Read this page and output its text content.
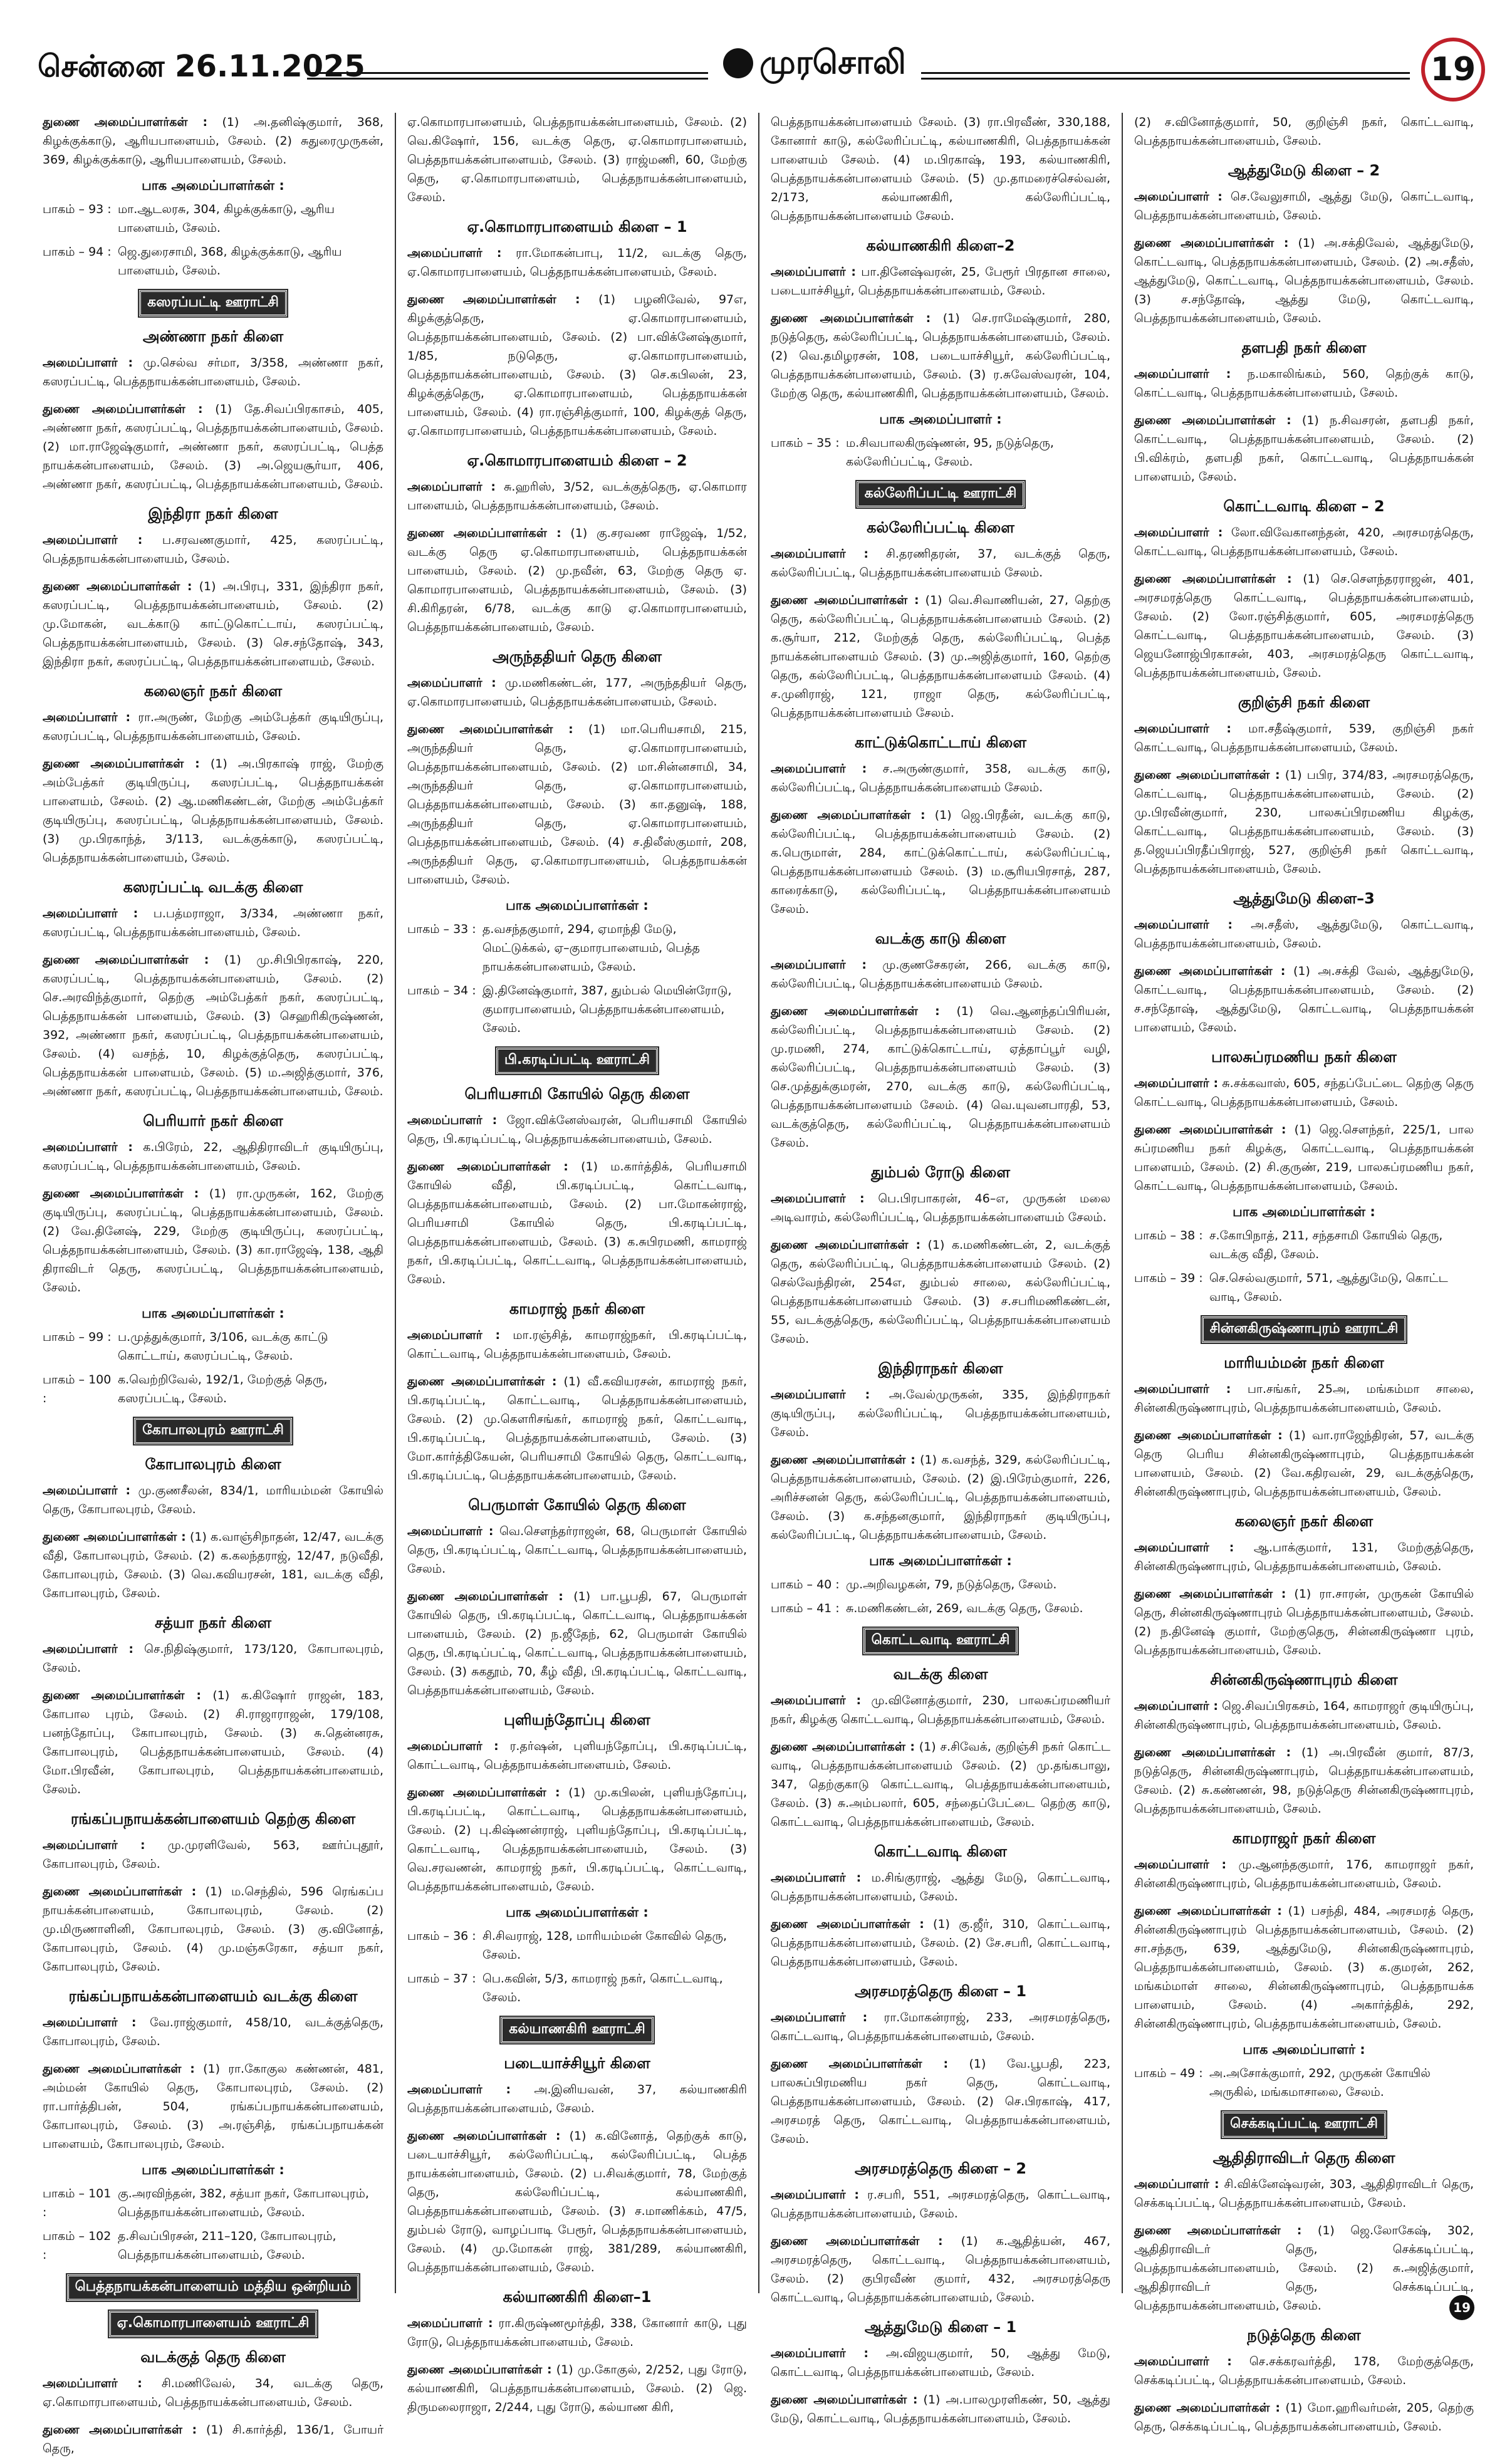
சென்னை 26.11.2025	முரசொலி	19

துணை அமைப்பாளர்கள் : (1) அ.தனிஷ்குமார், 368, கிழக்குக்காடு, ஆரியபாளையம், சேலம். (2) சுதுரைமுருகன், 369, கிழக்குக்காடு, ஆரியபாளையம், சேலம்.

பாக அமைப்பாளர்கள் :
பாகம் – 93 : மா.ஆடலரசு, 304, கிழக்குக்காடு, ஆரிய பாளையம், சேலம்.
பாகம் – 94 : ஜெ.துரைசாமி, 368, கிழக்குக்காடு, ஆரிய பாளையம், சேலம்.
கஸரப்பட்டி ஊராட்சி
அண்ணா நகர் கிளை

அமைப்பாளர் : மு.செல்வ சர்மா, 3/358, அண்ணா நகர், கஸரப்பட்டி, பெத்தநாயக்கன்பாளையம், சேலம்.

துணை அமைப்பாளர்கள் : (1) தே.சிவப்பிரகாசம், 405, அண்ணா நகர், கஸரப்பட்டி, பெத்தநாயக்கன்பாளையம், சேலம். (2) மா.ராஜேஷ்குமார், அண்ணா நகர், கஸரப்பட்டி, பெத்த நாயக்கன்பாளையம், சேலம். (3) அ.ஜெயசூர்யா, 406, அண்ணா நகர், கஸரப்பட்டி, பெத்தநாயக்கன்பாளையம், சேலம்.

இந்திரா நகர் கிளை

அமைப்பாளர் : ப.சரவணகுமார், 425, கஸரப்பட்டி, பெத்தநாயக்கன்பாளையம், சேலம்.

துணை அமைப்பாளர்கள் : (1) அ.பிரபு, 331, இந்திரா நகர், கஸரப்பட்டி, பெத்தநாயக்கன்பாளையம், சேலம். (2) மு.மோகன், வடக்காடு காட்டுகொட்டாய், கஸரப்பட்டி, பெத்தநாயக்கன்பாளையம், சேலம். (3) செ.சந்தோஷ், 343, இந்திரா நகர், கஸரப்பட்டி, பெத்தநாயக்கன்பாளையம், சேலம்.

கலைஞர் நகர் கிளை

அமைப்பாளர் : ரா.அருண், மேற்கு அம்பேத்கர் குடியிருப்பு, கஸரப்பட்டி, பெத்தநாயக்கன்பாளையம், சேலம்.

துணை அமைப்பாளர்கள் : (1) அ.பிரகாஷ் ராஜ், மேற்கு அம்பேத்கர் குடியிருப்பு, கஸரப்பட்டி, பெத்தநாயக்கன் பாளையம், சேலம். (2) ஆ.மணிகண்டன், மேற்கு அம்பேத்கர் குடியிருப்பு, கஸரப்பட்டி, பெத்தநாயக்கன்பாளையம், சேலம். (3) மு.பிரகாந்த், 3/113, வடக்குக்காடு, கஸரப்பட்டி, பெத்தநாயக்கன்பாளையம், சேலம்.

கஸரப்பட்டி வடக்கு கிளை

அமைப்பாளர் : ப.பத்மராஜா, 3/334, அண்ணா நகர், கஸரப்பட்டி, பெத்தநாயக்கன்பாளையம், சேலம்.

துணை அமைப்பாளர்கள் : (1) மு.சிபிபிரகாஷ், 220, கஸரப்பட்டி, பெத்தநாயக்கன்பாளையம், சேலம். (2) செ.அரவிந்த்குமார், தெற்கு அம்பேத்கர் நகர், கஸரப்பட்டி, பெத்தநாயக்கன் பாளையம், சேலம். (3) செஹரிகிருஷ்ணன், 392, அண்ணா நகர், கஸரப்பட்டி, பெத்தநாயக்கன்பாளையம், சேலம். (4) வசந்த், 10, கிழக்குத்தெரு, கஸரப்பட்டி, பெத்தநாயக்கன் பாளையம், சேலம். (5) ம.அஜித்குமார், 376, அண்ணா நகர், கஸரப்பட்டி, பெத்தநாயக்கன்பாளையம், சேலம்.

பெரியார் நகர் கிளை

அமைப்பாளர் : க.பிரேம், 22, ஆதிதிராவிடர் குடியிருப்பு, கஸரப்பட்டி, பெத்தநாயக்கன்பாளையம், சேலம்.

துணை அமைப்பாளர்கள் : (1) ரா.முருகன், 162, மேற்கு குடியிருப்பு, கஸரப்பட்டி, பெத்தநாயக்கன்பாளையம், சேலம். (2) வே.தினேஷ், 229, மேற்கு குடியிருப்பு, கஸரப்பட்டி, பெத்தநாயக்கன்பாளையம், சேலம். (3) கா.ராஜேஷ், 138, ஆதி திராவிடர் தெரு, கஸரப்பட்டி, பெத்தநாயக்கன்பாளையம், சேலம்.

பாக அமைப்பாளர்கள் :
பாகம் – 99 : ப.முத்துக்குமார், 3/106, வடக்கு காட்டு கொட்டாய், கஸரப்பட்டி, சேலம்.
பாகம் – 100 :
க.வெற்றிவேல், 192/1, மேற்குத் தெரு, கஸரப்பட்டி, சேலம்.
கோபாலபுரம் ஊராட்சி
கோபாலபுரம் கிளை

அமைப்பாளர் : மு.குணசீலன், 834/1, மாரியம்மன் கோயில் தெரு, கோபாலபுரம், சேலம்.

துணை அமைப்பாளர்கள் : (1) க.வாஞ்சிநாதன், 12/47, வடக்கு வீதி, கோபாலபுரம், சேலம். (2) க.கலந்தராஜ், 12/47, நடுவீதி, கோபாலபுரம், சேலம். (3) வெ.கவியரசன், 181, வடக்கு வீதி, கோபாலபுரம், சேலம்.

சத்யா நகர் கிளை

அமைப்பாளர் : செ.நிதிஷ்குமார், 173/120, கோபாலபுரம், சேலம்.

துணை அமைப்பாளர்கள் : (1) க.கிஷோர் ராஜன், 183, கோபால புரம், சேலம். (2) சி.ராஜாராஜன், 179/108, பனந்தோப்பு, கோபாலபுரம், சேலம். (3) சு.தென்னரசு, கோபாலபுரம், பெத்தநாயக்கன்பாளையம், சேலம். (4) மோ.பிரவீன், கோபாலபுரம், பெத்தநாயக்கன்பாளையம், சேலம்.

ரங்கப்பநாயக்கன்பாளையம் தெற்கு கிளை

அமைப்பாளர் : மு.முரளிவேல், 563, ஊர்ப்புதூர், கோபாலபுரம், சேலம்.

துணை அமைப்பாளர்கள் : (1) ம.செந்தில், 596 ரெங்கப்ப நாயக்கன்பாளையம், கோபாலபுரம், சேலம். (2) மு.மிருணாளினி, கோபாலபுரம், சேலம். (3) கு.வினோத், கோபாலபுரம், சேலம். (4) மு.மஞ்சுரேகா, சத்யா நகர், கோபாலபுரம், சேலம்.

ரங்கப்பநாயக்கன்பாளையம் வடக்கு கிளை

அமைப்பாளர் : வே.ராஜ்குமார், 458/10, வடக்குத்தெரு, கோபாலபுரம், சேலம்.

துணை அமைப்பாளர்கள் : (1) ரா.கோகுல கண்ணன், 481, அம்மன் கோயில் தெரு, கோபாலபுரம், சேலம். (2) ரா.பார்த்திபன், 504, ரங்கப்பநாயக்கன்பாளையம், கோபாலபுரம், சேலம். (3) அ.ரஞ்சித், ரங்கப்பநாயக்கன் பாளையம், கோபாலபுரம், சேலம்.

பாக அமைப்பாளர்கள் :
பாகம் – 101 :
கு.அரவிந்தன், 382, சத்யா நகர், கோபாலபுரம், பெத்தநாயக்கன்பாளையம், சேலம்.
பாகம் – 102 :
த.சிவப்பிரசன், 211–120, கோபாலபுரம், பெத்தநாயக்கன்பாளையம், சேலம்.
பெத்தநாயக்கன்பாளையம் மத்திய ஒன்றியம்
ஏ.கொமாரபாளையம் ஊராட்சி
வடக்குத் தெரு கிளை

அமைப்பாளர் : சி.மணிவேல், 34, வடக்கு தெரு, ஏ.கொமாரபாளையம், பெத்தநாயக்கன்பாளையம், சேலம்.

துணை அமைப்பாளர்கள் : (1) சி.கார்த்தி, 136/1, போயர் தெரு,

ஏ.கொமாரபாளையம், பெத்தநாயக்கன்பாளையம், சேலம். (2) வெ.கிஷோர், 156, வடக்கு தெரு, ஏ.கொமாரபாளையம், பெத்தநாயக்கன்பாளையம், சேலம். (3) ராஜ்மணி, 60, மேற்கு தெரு, ஏ.கொமாரபாளையம், பெத்தநாயக்கன்பாளையம், சேலம்.

ஏ.கொமாரபாளையம் கிளை – 1

அமைப்பாளர் : ரா.மோகன்பாபு, 11/2, வடக்கு தெரு, ஏ.கொமாரபாளையம், பெத்தநாயக்கன்பாளையம், சேலம்.

துணை அமைப்பாளர்கள் : (1) பழனிவேல், 97எ, கிழக்குத்தெரு, ஏ.கொமாரபாளையம், பெத்தநாயக்கன்பாளையம், சேலம். (2) பா.விக்னேஷ்குமார், 1/85, நடுதெரு, ஏ.கொமாரபாளையம், பெத்தநாயக்கன்பாளையம், சேலம். (3) செ.கபிலன், 23, கிழக்குத்தெரு, ஏ.கொமாரபாளையம், பெத்தநாயக்கன் பாளையம், சேலம். (4) ரா.ரஞ்சித்குமார், 100, கிழக்குத் தெரு, ஏ.கொமாரபாளையம், பெத்தநாயக்கன்பாளையம், சேலம்.

ஏ.கொமாரபாளையம் கிளை – 2

அமைப்பாளர் : சு.ஹரிஸ், 3/52, வடக்குத்தெரு, ஏ.கொமார பாளையம், பெத்தநாயக்கன்பாளையம், சேலம்.

துணை அமைப்பாளர்கள் : (1) கு.சரவண ராஜேஷ், 1/52, வடக்கு தெரு ஏ.கொமாரபாளையம், பெத்தநாயக்கன் பாளையம், சேலம். (2) மு.நவீன், 63, மேற்கு தெரு ஏ. கொமாரபாளையம், பெத்தநாயக்கன்பாளையம், சேலம். (3) சி.கிரிதரன், 6/78, வடக்கு காடு ஏ.கொமாரபாளையம், பெத்தநாயக்கன்பாளையம், சேலம்.

அருந்ததியர் தெரு கிளை

அமைப்பாளர் : மு.மணிகண்டன், 177, அருந்ததியர் தெரு, ஏ.கொமாரபாளையம், பெத்தநாயக்கன்பாளையம், சேலம்.

துணை அமைப்பாளர்கள் : (1) மா.பெரியசாமி, 215, அருந்ததியர் தெரு, ஏ.கொமாரபாளையம், பெத்தநாயக்கன்பாளையம், சேலம். (2) மா.சின்னசாமி, 34, அருந்ததியர் தெரு, ஏ.கொமாரபாளையம், பெத்தநாயக்கன்பாளையம், சேலம். (3) கா.தனுஷ், 188, அருந்ததியர் தெரு, ஏ.கொமாரபாளையம், பெத்தநாயக்கன்பாளையம், சேலம். (4) ச.திலீஸ்குமார், 208, அருந்ததியர் தெரு, ஏ.கொமாரபாளையம், பெத்தநாயக்கன் பாளையம், சேலம்.

பாக அமைப்பாளர்கள் :
பாகம் – 33 : த.வசந்தகுமார், 294, ஏமாந்தி மேடு, மெட்டுக்கல், ஏ–குமாரபாளையம், பெத்த நாயக்கன்பாளையம், சேலம்.
பாகம் – 34 : இ.தினேஷ்குமார், 387, தும்பல் மெயின்ரோடு, குமாரபாளையம், பெத்தநாயக்கன்பாளையம், சேலம்.
பி.கரடிப்பட்டி ஊராட்சி
பெரியசாமி கோயில் தெரு கிளை

அமைப்பாளர் : ஜோ.விக்னேஸ்வரன், பெரியசாமி கோயில் தெரு, பி.கரடிப்பட்டி, பெத்தநாயக்கன்பாளையம், சேலம்.

துணை அமைப்பாளர்கள் : (1) ம.கார்த்திக், பெரியசாமி கோயில் வீதி, பி.கரடிப்பட்டி, கொட்டவாடி, பெத்தநாயக்கன்பாளையம், சேலம். (2) பா.மோகன்ராஜ், பெரியசாமி கோயில் தெரு, பி.கரடிப்பட்டி, பெத்தநாயக்கன்பாளையம், சேலம். (3) க.சுபிரமணி, காமராஜ் நகர், பி.கரடிப்பட்டி, கொட்டவாடி, பெத்தநாயக்கன்பாளையம், சேலம்.

காமராஜ் நகர் கிளை

அமைப்பாளர் : மா.ரஞ்சித், காமராஜ்நகர், பி.கரடிப்பட்டி, கொட்டவாடி, பெத்தநாயக்கன்பாளையம், சேலம்.

துணை அமைப்பாளர்கள் : (1) வீ.கவியரசன், காமராஜ் நகர், பி.கரடிப்பட்டி, கொட்டவாடி, பெத்தநாயக்கன்பாளையம், சேலம். (2) மு.கௌரிசங்கர், காமராஜ் நகர், கொட்டவாடி, பி.கரடிப்பட்டி, பெத்தநாயக்கன்பாளையம், சேலம். (3) மோ.கார்த்திகேயன், பெரியசாமி கோயில் தெரு, கொட்டவாடி, பி.கரடிப்பட்டி, பெத்தநாயக்கன்பாளையம், சேலம்.

பெருமாள் கோயில் தெரு கிளை

அமைப்பாளர் : வெ.சௌந்தர்ராஜன், 68, பெருமாள் கோயில் தெரு, பி.கரடிப்பட்டி, கொட்டவாடி, பெத்தநாயக்கன்பாளையம், சேலம்.

துணை அமைப்பாளர்கள் : (1) பா.பூபதி, 67, பெருமாள் கோயில் தெரு, பி.கரடிப்பட்டி, கொட்டவாடி, பெத்தநாயக்கன் பாளையம், சேலம். (2) ந.ஜீதேந், 62, பெருமாள் கோயில் தெரு, பி.கரடிப்பட்டி, கொட்டவாடி, பெத்தநாயக்கன்பாளையம், சேலம். (3) சுகதூம், 70, கீழ் வீதி, பி.கரடிப்பட்டி, கொட்டவாடி, பெத்தநாயக்கன்பாளையம், சேலம்.

புளியந்தோப்பு கிளை

அமைப்பாளர் : ர.தர்ஷன், புளியந்தோப்பு, பி.கரடிப்பட்டி, கொட்டவாடி, பெத்தநாயக்கன்பாளையம், சேலம்.

துணை அமைப்பாளர்கள் : (1) மு.கபிலன், புளியந்தோப்பு, பி.கரடிப்பட்டி, கொட்டவாடி, பெத்தநாயக்கன்பாளையம், சேலம். (2) பு.கிஷ்ணன்ராஜ், புளியந்தோப்பு, பி.கரடிப்பட்டி, கொட்டவாடி, பெத்தநாயக்கன்பாளையம், சேலம். (3) வெ.சரவணன், காமராஜ் நகர், பி.கரடிப்பட்டி, கொட்டவாடி, பெத்தநாயக்கன்பாளையம், சேலம்.

பாக அமைப்பாளர்கள் :
பாகம் – 36 : சி.சிவராஜ், 128, மாரியம்மன் கோவில் தெரு, சேலம்.
பாகம் – 37 : பெ.கவின், 5/3, காமராஜ் நகர், கொட்டவாடி, சேலம்.
கல்யாணகிரி ஊராட்சி
படையாச்சியூர் கிளை

அமைப்பாளர் : அ.இனியவன், 37, கல்யாணகிரி பெத்தநாயக்கன்பாளையம், சேலம்.

துணை அமைப்பாளர்கள் : (1) க.வினோத், தெற்குக் காடு, படையாச்சியூர், கல்லேரிப்பட்டி, கல்லேரிப்பட்டி, பெத்த நாயக்கன்பாளையம், சேலம். (2) ப.சிவக்குமார், 78, மேற்குத் தெரு, கல்லேரிப்பட்டி, கல்யாணகிரி, பெத்தநாயக்கன்பாளையம், சேலம். (3) ச.மாணிக்கம், 47/5, தும்பல் ரோடு, வாழப்பாடி பேரூர், பெத்தநாயக்கன்பாளையம், சேலம். (4) மு.மோகன் ராஜ், 381/289, கல்யாணகிரி, பெத்தநாயக்கன்பாளையம், சேலம்.

கல்யாணகிரி கிளை–1

அமைப்பாளர் : ரா.கிருஷ்ணமூர்த்தி, 338, கோனார் காடு, புது ரோடு, பெத்தநாயக்கன்பாளையம், சேலம்.

துணை அமைப்பாளர்கள் : (1) மு.கோகுல், 2/252, புது ரோடு, கல்யாணகிரி, பெத்தநாயக்கன்பாளையம், சேலம். (2) ஜெ. திருமலைராஜா, 2/244, புது ரோடு, கல்யாண கிரி,

பெத்தநாயக்கன்பாளையம் சேலம். (3) ரா.பிரவீண், 330,188, கோனார் காடு, கல்லேரிப்பட்டி, கல்யாணகிரி, பெத்தநாயக்கன் பாளையம் சேலம். (4) ம.பிரகாஷ், 193, கல்யாணகிரி, பெத்தநாயக்கன்பாளையம் சேலம். (5) மு.தாமரைச்செல்வன், 2/173, கல்யாணகிரி, கல்லேரிப்பட்டி, பெத்தநாயக்கன்பாளையம் சேலம்.

கல்யாணகிரி கிளை–2

அமைப்பாளர் : பா.தினேஷ்வரன், 25, பேரூர் பிரதான சாலை, படையாச்சியூர், பெத்தநாயக்கன்பாளையம், சேலம்.

துணை அமைப்பாளர்கள் : (1) செ.ராமேஷ்குமார், 280, நடுத்தெரு, கல்லேரிப்பட்டி, பெத்தநாயக்கன்பாளையம், சேலம். (2) வெ.தமிழரசன், 108, படையாச்சியூர், கல்லேரிப்பட்டி, பெத்தநாயக்கன்பாளையம், சேலம். (3) ர.சுவேஸ்வரன், 104, மேற்கு தெரு, கல்யாணகிரி, பெத்தநாயக்கன்பாளையம், சேலம்.

பாக அமைப்பாளர் :
பாகம் – 35 : ம.சிவபாலகிருஷ்ணன், 95, நடுத்தெரு, கல்லேரிப்பட்டி, சேலம்.
கல்லேரிப்பட்டி ஊராட்சி
கல்லேரிப்பட்டி கிளை

அமைப்பாளர் : சி.தரணிதரன், 37, வடக்குத் தெரு, கல்லேரிப்பட்டி, பெத்தநாயக்கன்பாளையம் சேலம்.

துணை அமைப்பாளர்கள் : (1) வெ.சிவாணியன், 27, தெற்கு தெரு, கல்லேரிப்பட்டி, பெத்தநாயக்கன்பாளையம் சேலம். (2) க.சூர்யா, 212, மேற்குத் தெரு, கல்லேரிப்பட்டி, பெத்த நாயக்கன்பாளையம் சேலம். (3) மு.அஜித்குமார், 160, தெற்கு தெரு, கல்லேரிப்பட்டி, பெத்தநாயக்கன்பாளையம் சேலம். (4) ச.முனிராஜ், 121, ராஜா தெரு, கல்லேரிப்பட்டி, பெத்தநாயக்கன்பாளையம் சேலம்.

காட்டுக்கொட்டாய் கிளை

அமைப்பாளர் : ச.அருண்குமார், 358, வடக்கு காடு, கல்லேரிப்பட்டி, பெத்தநாயக்கன்பாளையம் சேலம்.

துணை அமைப்பாளர்கள் : (1) ஜெ.பிரதீன், வடக்கு காடு, கல்லேரிப்பட்டி, பெத்தநாயக்கன்பாளையம் சேலம். (2) க.பெருமாள், 284, காட்டுக்கொட்டாய், கல்லேரிப்பட்டி, பெத்தநாயக்கன்பாளையம் சேலம். (3) ம.சூரியபிரசாத், 287, காரைக்காடு, கல்லேரிப்பட்டி, பெத்தநாயக்கன்பாளையம் சேலம்.

வடக்கு காடு கிளை

அமைப்பாளர் : மு.குணசேகரன், 266, வடக்கு காடு, கல்லேரிப்பட்டி, பெத்தநாயக்கன்பாளையம் சேலம்.

துணை அமைப்பாளர்கள் : (1) வெ.ஆனந்தப்பிரியன், கல்லேரிப்பட்டி, பெத்தநாயக்கன்பாளையம் சேலம். (2) மு.ரமணி, 274, காட்டுக்கொட்டாய், ஏத்தாப்பூர் வழி, கல்லேரிப்பட்டி, பெத்தநாயக்கன்பாளையம் சேலம். (3) செ.முத்துக்குமரன், 270, வடக்கு காடு, கல்லேரிப்பட்டி, பெத்தநாயக்கன்பாளையம் சேலம். (4) வெ.யுவனபாரதி, 53, வடக்குத்தெரு, கல்லேரிப்பட்டி, பெத்தநாயக்கன்பாளையம் சேலம்.

தும்பல் ரோடு கிளை

அமைப்பாளர் : பெ.பிரபாகரன், 46–எ, முருகன் மலை அடிவாரம், கல்லேரிப்பட்டி, பெத்தநாயக்கன்பாளையம் சேலம்.

துணை அமைப்பாளர்கள் : (1) க.மணிகண்டன், 2, வடக்குத் தெரு, கல்லேரிப்பட்டி, பெத்தநாயக்கன்பாளையம் சேலம். (2) செல்வேந்திரன், 254எ, தும்பல் சாலை, கல்லேரிப்பட்டி, பெத்தநாயக்கன்பாளையம் சேலம். (3) ச.சபரிமணிகண்டன், 55, வடக்குத்தெரு, கல்லேரிப்பட்டி, பெத்தநாயக்கன்பாளையம் சேலம்.

இந்திராநகர் கிளை

அமைப்பாளர் : அ.வேல்முருகன், 335, இந்திராநகர் குடியிருப்பு, கல்லேரிப்பட்டி, பெத்தநாயக்கன்பாளையம், சேலம்.

துணை அமைப்பாளர்கள் : (1) க.வசந்த், 329, கல்லேரிப்பட்டி, பெத்தநாயக்கன்பாளையம், சேலம். (2) இ.பிரேம்குமார், 226, அரிச்சனன் தெரு, கல்லேரிப்பட்டி, பெத்தநாயக்கன்பாளையம், சேலம். (3) க.சந்தனகுமார், இந்திராநகர் குடியிருப்பு, கல்லேரிப்பட்டி, பெத்தநாயக்கன்பாளையம், சேலம்.

பாக அமைப்பாளர்கள் :
பாகம் – 40 : மு.அறிவழகன், 79, நடுத்தெரு, சேலம்.
பாகம் – 41 : சு.மணிகண்டன், 269, வடக்கு தெரு, சேலம்.
கொட்டவாடி ஊராட்சி
வடக்கு கிளை

அமைப்பாளர் : மு.வினோத்குமார், 230, பாலசுப்ரமணியர் நகர், கிழக்கு கொட்டவாடி, பெத்தநாயக்கன்பாளையம், சேலம்.

துணை அமைப்பாளர்கள் : (1) ச.சிவேக், குறிஞ்சி நகர் கொட்ட வாடி, பெத்தநாயக்கன்பாளையம் சேலம். (2) மு.தங்கபாலு, 347, தெற்குகாடு கொட்டவாடி, பெத்தநாயக்கன்பாளையம், சேலம். (3) சு.அம்பலார், 605, சந்தைப்பேட்டை தெற்கு காடு, கொட்டவாடி, பெத்தநாயக்கன்பாளையம், சேலம்.

கொட்டவாடி கிளை

அமைப்பாளர் : ம.சிங்குராஜ், ஆத்து மேடு, கொட்டவாடி, பெத்தநாயக்கன்பாளையம், சேலம்.

துணை அமைப்பாளர்கள் : (1) கு.ஜீர், 310, கொட்டவாடி, பெத்தநாயக்கன்பாளையம், சேலம். (2) சே.சபரி, கொட்டவாடி, பெத்தநாயக்கன்பாளையம், சேலம்.

அரசமரத்தெரு கிளை – 1

அமைப்பாளர் : ரா.மோகன்ராஜ், 233, அரசமரத்தெரு, கொட்டவாடி, பெத்தநாயக்கன்பாளையம், சேலம்.

துணை அமைப்பாளர்கள் : (1) வே.பூபதி, 223, பாலசுப்பிரமணிய நகர் தெரு, கொட்டவாடி, பெத்தநாயக்கன்பாளையம், சேலம். (2) செ.பிரகாஷ், 417, அரசமரத் தெரு, கொட்டவாடி, பெத்தநாயக்கன்பாளையம், சேலம்.

அரசமரத்தெரு கிளை – 2

அமைப்பாளர் : ர.சபரி, 551, அரசமரத்தெரு, கொட்டவாடி, பெத்தநாயக்கன்பாளையம், சேலம்.

துணை அமைப்பாளர்கள் : (1) க.ஆதித்யன், 467, அரசமரத்தெரு, கொட்டவாடி, பெத்தநாயக்கன்பாளையம், சேலம். (2) குபிரவீண் குமார், 432, அரசமரத்தெரு கொட்டவாடி, பெத்தநாயக்கன்பாளையம், சேலம்.

ஆத்துமேடு கிளை – 1

அமைப்பாளர் : அ.விஜயகுமார், 50, ஆத்து மேடு, கொட்டவாடி, பெத்தநாயக்கன்பாளையம், சேலம்.

துணை அமைப்பாளர்கள் : (1) அ.பாலமுரளிகண், 50, ஆத்து மேடு, கொட்டவாடி, பெத்தநாயக்கன்பாளையம், சேலம்.

(2) ச.வினோத்குமார், 50, குறிஞ்சி நகர், கொட்டவாடி, பெத்தநாயக்கன்பாளையம், சேலம்.

ஆத்துமேடு கிளை – 2

அமைப்பாளர் : செ.வேலுசாமி, ஆத்து மேடு, கொட்டவாடி, பெத்தநாயக்கன்பாளையம், சேலம்.

துணை அமைப்பாளர்கள் : (1) அ.சக்திவேல், ஆத்துமேடு, கொட்டவாடி, பெத்தநாயக்கன்பாளையம், சேலம். (2) அ.சதீஸ், ஆத்துமேடு, கொட்டவாடி, பெத்தநாயக்கன்பாளையம், சேலம். (3) ச.சந்தோஷ், ஆத்து மேடு, கொட்டவாடி, பெத்தநாயக்கன்பாளையம், சேலம்.

தளபதி நகர் கிளை

அமைப்பாளர் : ந.மகாலிங்கம், 560, தெற்குக் காடு, கொட்டவாடி, பெத்தநாயக்கன்பாளையம், சேலம்.

துணை அமைப்பாளர்கள் : (1) ந.சிவசரன், தளபதி நகர், கொட்டவாடி, பெத்தநாயக்கன்பாளையம், சேலம். (2) பி.விக்ரம், தளபதி நகர், கொட்டவாடி, பெத்தநாயக்கன் பாளையம், சேலம்.

கொட்டவாடி கிளை – 2

அமைப்பாளர் : லோ.விவேகானந்தன், 420, அரசமரத்தெரு, கொட்டவாடி, பெத்தநாயக்கன்பாளையம், சேலம்.

துணை அமைப்பாளர்கள் : (1) செ.செளந்தரராஜன், 401, அரசமரத்தெரு கொட்டவாடி, பெத்தநாயக்கன்பாளையம், சேலம். (2) லோ.ரஞ்சித்குமார், 605, அரசமரத்தெரு கொட்டவாடி, பெத்தநாயக்கன்பாளையம், சேலம். (3) ஜெயனோஜ்பிரகாசன், 403, அரசமரத்தெரு கொட்டவாடி, பெத்தநாயக்கன்பாளையம், சேலம்.

குறிஞ்சி நகர் கிளை

அமைப்பாளர் : மா.சதீஷ்குமார், 539, குறிஞ்சி நகர் கொட்டவாடி, பெத்தநாயக்கன்பாளையம், சேலம்.

துணை அமைப்பாளர்கள் : (1) பபிர, 374/83, அரசமரத்தெரு, கொட்டவாடி, பெத்தநாயக்கன்பாளையம், சேலம். (2) மு.பிரவீன்குமார், 230, பாலசுப்பிரமணிய கிழக்கு, கொட்டவாடி, பெத்தநாயக்கன்பாளையம், சேலம். (3) த.ஜெயப்பிரதீப்பிராஜ், 527, குறிஞ்சி நகர் கொட்டவாடி, பெத்தநாயக்கன்பாளையம், சேலம்.

ஆத்துமேடு கிளை–3

அமைப்பாளர் : அ.சதீஸ், ஆத்துமேடு, கொட்டவாடி, பெத்தநாயக்கன்பாளையம், சேலம்.

துணை அமைப்பாளர்கள் : (1) அ.சக்தி வேல், ஆத்துமேடு, கொட்டவாடி, பெத்தநாயக்கன்பாளையம், சேலம். (2) ச.சந்தோஷ், ஆத்துமேடு, கொட்டவாடி, பெத்தநாயக்கன் பாளையம், சேலம்.

பாலசுப்ரமணிய நகர் கிளை

அமைப்பாளர் : சு.சக்கவாஸ், 605, சந்தப்பேட்டை தெற்கு தெரு கொட்டவாடி, பெத்தநாயக்கன்பாளையம், சேலம்.

துணை அமைப்பாளர்கள் : (1) ஜெ.சௌந்தர், 225/1, பால சுப்ரமணிய நகர் கிழக்கு, கொட்டவாடி, பெத்தநாயக்கன் பாளையம், சேலம். (2) சி.குருண், 219, பாலசுப்ரமணிய நகர், கொட்டவாடி, பெத்தநாயக்கன்பாளையம், சேலம்.

பாக அமைப்பாளர்கள் :
பாகம் – 38 : ச.கோபிநாத், 211, சந்தசாமி கோயில் தெரு, வடக்கு வீதி, சேலம்.
பாகம் – 39 : செ.செல்வகுமார், 571, ஆத்துமேடு, கொட்ட வாடி, சேலம்.
சின்னகிருஷ்ணாபுரம் ஊராட்சி
மாரியம்மன் நகர் கிளை

அமைப்பாளர் : பா.சங்கர், 25அ, மங்கம்மா சாலை, சின்னகிருஷ்ணாபுரம், பெத்தநாயக்கன்பாளையம், சேலம்.

துணை அமைப்பாளர்கள் : (1) வா.ராஜேந்திரன், 57, வடக்கு தெரு பெரிய சின்னகிருஷ்ணாபுரம், பெத்தநாயக்கன் பாளையம், சேலம். (2) வே.கதிரவன், 29, வடக்குத்தெரு, சின்னகிருஷ்ணாபுரம், பெத்தநாயக்கன்பாளையம், சேலம்.

கலைஞர் நகர் கிளை

அமைப்பாளர் : ஆ.பாக்குமார், 131, மேற்குத்தெரு, சின்னகிருஷ்ணாபுரம், பெத்தநாயக்கன்பாளையம், சேலம்.

துணை அமைப்பாளர்கள் : (1) ரா.சாரன், முருகன் கோயில் தெரு, சின்னகிருஷ்ணாபுரம் பெத்தநாயக்கன்பாளையம், சேலம். (2) ந.தினேஷ் குமார், மேற்குதெரு, சின்னகிருஷ்ணா புரம், பெத்தநாயக்கன்பாளையம், சேலம்.

சின்னகிருஷ்ணாபுரம் கிளை

அமைப்பாளர் : ஜெ.சிவப்பிரகசம், 164, காமராஜர் குடியிருப்பு, சின்னகிருஷ்ணாபுரம், பெத்தநாயக்கன்பாளையம், சேலம்.

துணை அமைப்பாளர்கள் : (1) அ.பிரவீன் குமார், 87/3, நடுத்தெரு, சின்னகிருஷ்ணாபுரம், பெத்தநாயக்கன்பாளையம், சேலம். (2) சு.கண்ணன், 98, நடுத்தெரு சின்னகிருஷ்ணாபுரம், பெத்தநாயக்கன்பாளையம், சேலம்.

காமராஜர் நகர் கிளை

அமைப்பாளர் : மு.ஆனந்தகுமார், 176, காமராஜர் நகர், சின்னகிருஷ்ணாபுரம், பெத்தநாயக்கன்பாளையம், சேலம்.

துணை அமைப்பாளர்கள் : (1) பசந்தி, 484, அரசமரத் தெரு, சின்னகிருஷ்ணாபுரம் பெத்தநாயக்கன்பாளையம், சேலம். (2) சா.சந்தரு, 639, ஆத்துமேடு, சின்னகிருஷ்ணாபுரம், பெத்தநாயக்கன்பாளையம், சேலம். (3) க.குமரன், 262, மங்கம்மாள் சாலை, சின்னகிருஷ்ணாபுரம், பெத்தநாயக்க பாளையம், சேலம். (4) அகார்த்திக், 292, சின்னகிருஷ்ணாபுரம், பெத்தநாயக்கன்பாளையம், சேலம்.

பாக அமைப்பாளர் :
பாகம் – 49 : அ.அசோக்குமார், 292, முருகன் கோயில் அருகில், மங்கமாசாலை, சேலம்.
செக்கடிப்பட்டி ஊராட்சி
ஆதிதிராவிடர் தெரு கிளை

அமைப்பாளர் : சி.விக்னேஷ்வரன், 303, ஆதிதிராவிடர் தெரு, செக்கடிப்பட்டி, பெத்தநாயக்கன்பாளையம், சேலம்.

துணை அமைப்பாளர்கள் : (1) ஜெ.லோகேஷ், 302, ஆதிதிராவிடர் தெரு, செக்கடிப்பட்டி, பெத்தநாயக்கன்பாளையம், சேலம். (2) சு.அஜித்குமார், ஆதிதிராவிடர் தெரு, செக்கடிப்பட்டி, பெத்தநாயக்கன்பாளையம், சேலம்.

நடுத்தெரு கிளை

அமைப்பாளர் : செ.சக்கரவர்த்தி, 178, மேற்குத்தெரு, செக்கடிப்பட்டி, பெத்தநாயக்கன்பாளையம், சேலம்.

துணை அமைப்பாளர்கள் : (1) மோ.ஹரிவர்மன், 205, தெற்கு தெரு, செக்கடிப்பட்டி, பெத்தநாயக்கன்பாளையம், சேலம்.

19
